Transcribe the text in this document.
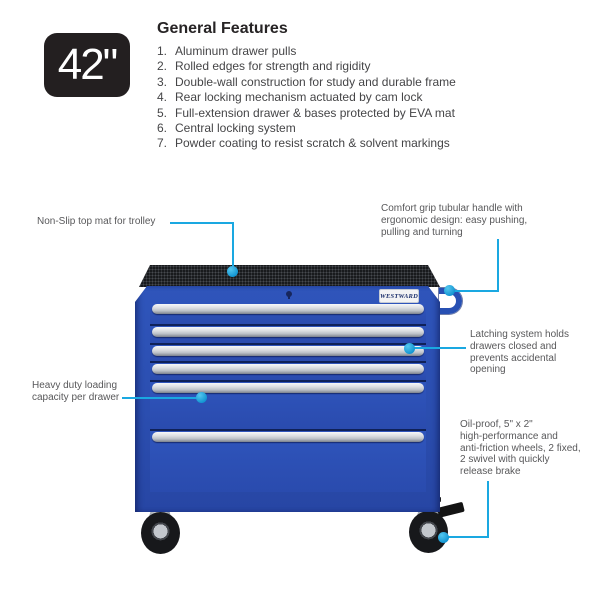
42"
General Features
1. Aluminum drawer pulls
2. Rolled edges for strength and rigidity
3. Double-wall construction for study and durable frame
4. Rear locking mechanism actuated by cam lock
5. Full-extension drawer & bases protected by EVA mat
6. Central locking system
7. Powder coating to resist scratch & solvent markings
WESTWARD
Non-Slip top mat for trolley
Comfort grip tubular handle with
ergonomic design: easy pushing,
pulling and turning
Latching system holds
drawers closed and
prevents accidental
opening
Heavy duty loading
capacity per drawer
Oil-proof, 5" x 2"
high-performance and
anti-friction wheels, 2 fixed,
2 swivel with quickly
release brake
